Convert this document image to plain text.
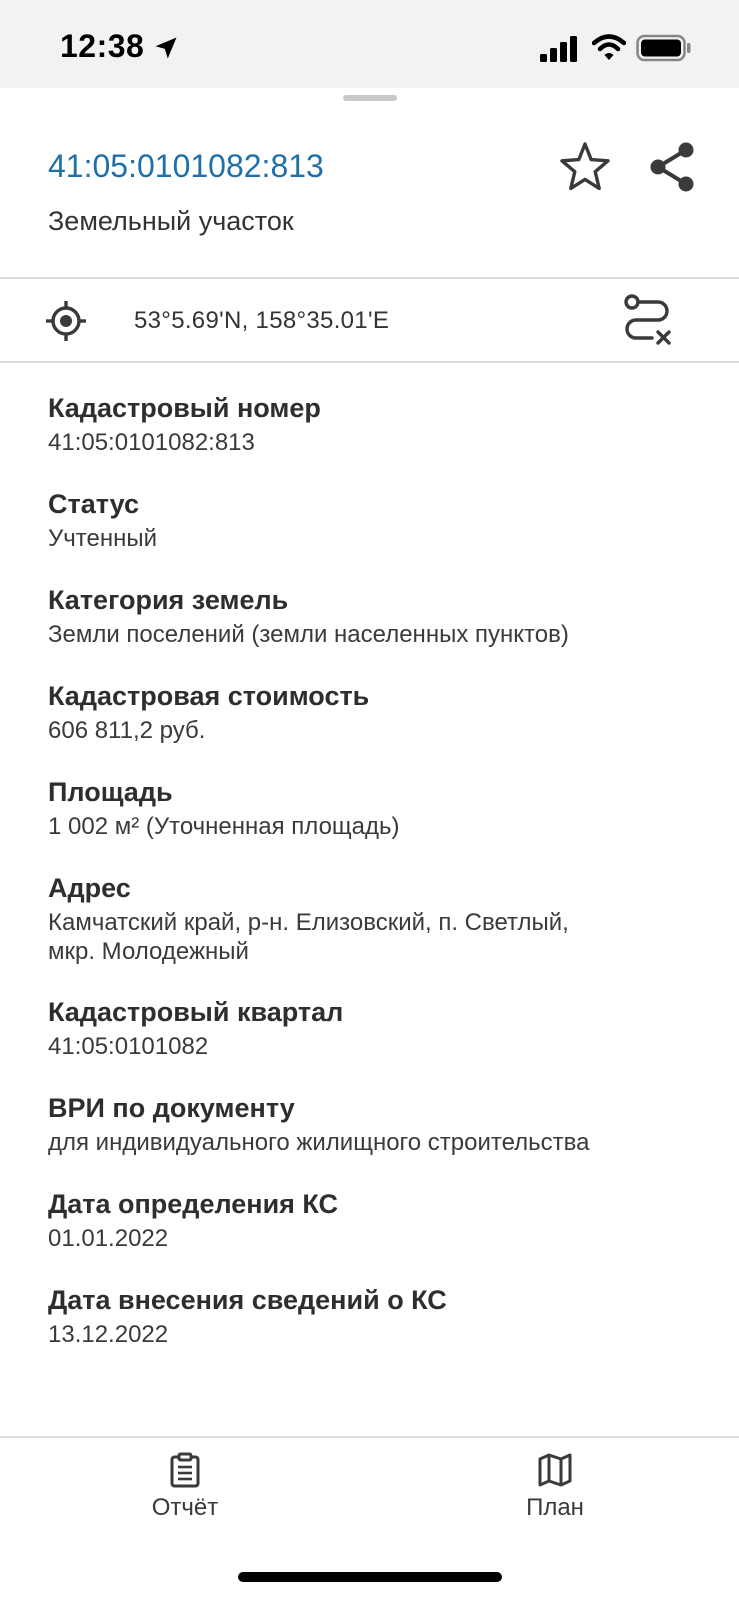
12:38
41:05:0101082:813
Земельный участок
53°5.69'N, 158°35.01'E
Кадастровый номер
41:05:0101082:813
Статус
Учтенный
Категория земель
Земли поселений (земли населенных пунктов)
Кадастровая стоимость
606 811,2 руб.
Площадь
1 002 м² (Уточненная площадь)
Адрес
Камчатский край, р-н. Елизовский, п. Светлый,
мкр. Молодежный
Кадастровый квартал
41:05:0101082
ВРИ по документу
для индивидуального жилищного строительства
Дата определения КС
01.01.2022
Дата внесения сведений о КС
13.12.2022
Отчёт	План
